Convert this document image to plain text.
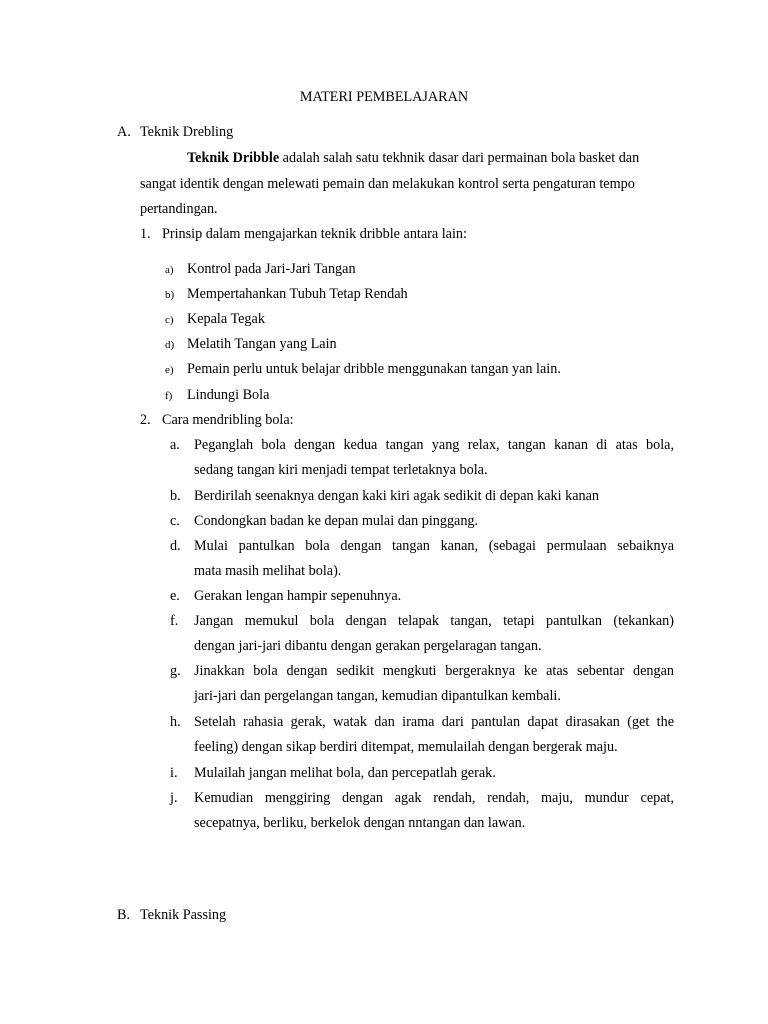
MATERI PEMBELAJARAN
A. Teknik Drebling
Teknik Dribble adalah salah satu tekhnik dasar dari permainan bola basket dan
sangat identik dengan melewati pemain dan melakukan kontrol serta pengaturan tempo
pertandingan.
1. Prinsip dalam mengajarkan teknik dribble antara lain:
a) Kontrol pada Jari-Jari Tangan
b) Mempertahankan Tubuh Tetap Rendah
c) Kepala Tegak
d) Melatih Tangan yang Lain
e) Pemain perlu untuk belajar dribble menggunakan tangan yan lain.
f) Lindungi Bola
2. Cara mendribling bola:
a. Peganglah bola dengan kedua tangan yang relax, tangan kanan di atas bola,
sedang tangan kiri menjadi tempat terletaknya bola.
b. Berdirilah seenaknya dengan kaki kiri agak sedikit di depan kaki kanan
c. Condongkan badan ke depan mulai dan pinggang.
d. Mulai pantulkan bola dengan tangan kanan, (sebagai permulaan sebaiknya
mata masih melihat bola).
e. Gerakan lengan hampir sepenuhnya.
f. Jangan memukul bola dengan telapak tangan, tetapi pantulkan (tekankan)
dengan jari-jari dibantu dengan gerakan pergelaragan tangan.
g. Jinakkan bola dengan sedikit mengkuti bergeraknya ke atas sebentar dengan
jari-jari dan pergelangan tangan, kemudian dipantulkan kembali.
h. Setelah rahasia gerak, watak dan irama dari pantulan dapat dirasakan (get the
feeling) dengan sikap berdiri ditempat, memulailah dengan bergerak maju.
i. Mulailah jangan melihat bola, dan percepatlah gerak.
j. Kemudian menggiring dengan agak rendah, rendah, maju, mundur cepat,
secepatnya, berliku, berkelok dengan nntangan dan lawan.
B. Teknik Passing
